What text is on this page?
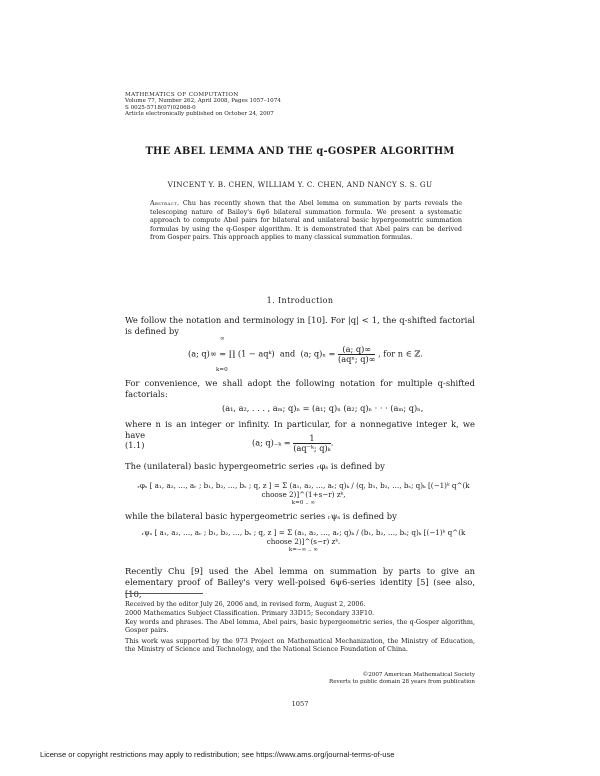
MATHEMATICS OF COMPUTATION
Volume 77, Number 262, April 2008, Pages 1057–1074
S 0025-5718(07)02068-0
Article electronically published on October 24, 2007
THE ABEL LEMMA AND THE q-GOSPER ALGORITHM
VINCENT Y. B. CHEN, WILLIAM Y. C. CHEN, AND NANCY S. S. GU
Abstract. Chu has recently shown that the Abel lemma on summation by parts reveals the telescoping nature of Bailey's 6ψ6 bilateral summation formula. We present a systematic approach to compute Abel pairs for bilateral and unilateral basic hypergeometric summation formulas by using the q-Gosper algorithm. It is demonstrated that Abel pairs can be derived from Gosper pairs. This approach applies to many classical summation formulas.
1. Introduction
We follow the notation and terminology in [10]. For |q| < 1, the q-shifted factorial is defined by
(a; q)∞ = ∏ (1 − aqᵏ) and (a; $q)_n = \frac{(a; q)\infty}{\text{(aqⁿ; q)∞}}$ , for n ∈ ℤ.
∞
k=0
For convenience, we shall adopt the following notation for multiple q-shifted factorials:
(a₁, a₂, . . . , aₘ; q)ₙ = (a₁; q)ₙ (a₂; q)ₙ · · · (aₘ; q)ₙ,
where n is an integer or infinity. In particular, for a nonnegative integer k, we have
(1.1)	(a; $q)_{-k} = \frac{1}{\text{(aq⁻ᵏ; q)ₖ}}$ .
The (unilateral) basic hypergeometric series ᵣφₛ is defined by
ᵣφₛ [ a₁, a₂, …, aᵣ ; b₁, b₂, …, bₛ ; q, z ] = Σ (a₁, a₂, …, aᵣ; q)ₖ / (q, b₁, b₂, …, bₛ; q)ₖ [(−1)ᵏ q^(k choose 2)]^(1+s−r) zᵏ,
k=0 .. ∞
while the bilateral basic hypergeometric series ᵣψₛ is defined by
ᵣψₛ [ a₁, a₂, …, aᵣ ; b₁, b₂, …, bₛ ; q, z ] = Σ (a₁, a₂, …, aᵣ; q)ₖ / (b₁, b₂, …, bₛ; q)ₖ [(−1)ᵏ q^(k choose 2)]^(s−r) zᵏ.
k=−∞ .. ∞
Recently Chu [9] used the Abel lemma on summation by parts to give an elementary proof of Bailey's very well-poised 6ψ6-series identity [5] (see also, [10,
Received by the editor July 26, 2006 and, in revised form, August 2, 2006.
2000 Mathematics Subject Classification. Primary 33D15; Secondary 33F10.
Key words and phrases. The Abel lemma, Abel pairs, basic hypergeometric series, the q-Gosper algorithm, Gosper pairs.
This work was supported by the 973 Project on Mathematical Mechanization, the Ministry of Education, the Ministry of Science and Technology, and the National Science Foundation of China.
©2007 American Mathematical Society
Reverts to public domain 28 years from publication
1057
License or copyright restrictions may apply to redistribution; see https://www.ams.org/journal-terms-of-use
